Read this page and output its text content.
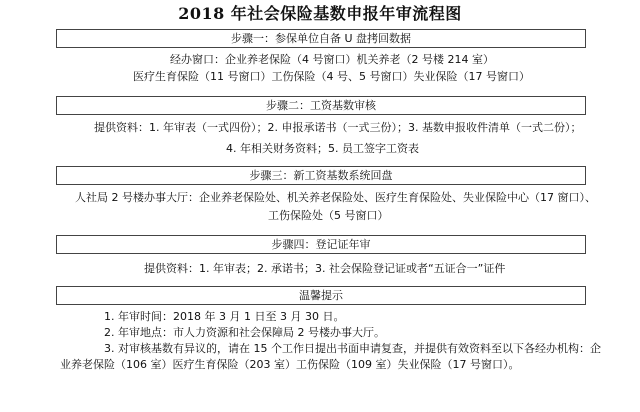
2018 年社会保险基数申报年审流程图
步骤一：参保单位自备 U 盘拷回数据
经办窗口：企业养老保险（4 号窗口）机关养老（2 号楼 214 室）
医疗生育保险（11 号窗口）工伤保险（4 号、5 号窗口）失业保险（17 号窗口）
步骤二：工资基数审核
提供资料：1. 年审表（一式四份）；2. 申报承诺书（一式三份）；3. 基数申报收件清单（一式二份）；
4. 年相关财务资料；5. 员工签字工资表
步骤三：新工资基数系统回盘
人社局 2 号楼办事大厅：企业养老保险处、机关养老保险处、医疗生育保险处、失业保险中心（17 窗口）、
工伤保险处（5 号窗口）
步骤四：登记证年审
提供资料：1. 年审表；2. 承诺书；3. 社会保险登记证或者“五证合一”证件
温馨提示
1. 年审时间：2018 年 3 月 1 日至 3 月 30 日。
2. 年审地点：市人力资源和社会保障局 2 号楼办事大厅。
3. 对审核基数有异议的，请在 15 个工作日提出书面申请复查，并提供有效资料至以下各经办机构：企
业养老保险（106 室）医疗生育保险（203 室）工伤保险（109 室）失业保险（17 号窗口）。
